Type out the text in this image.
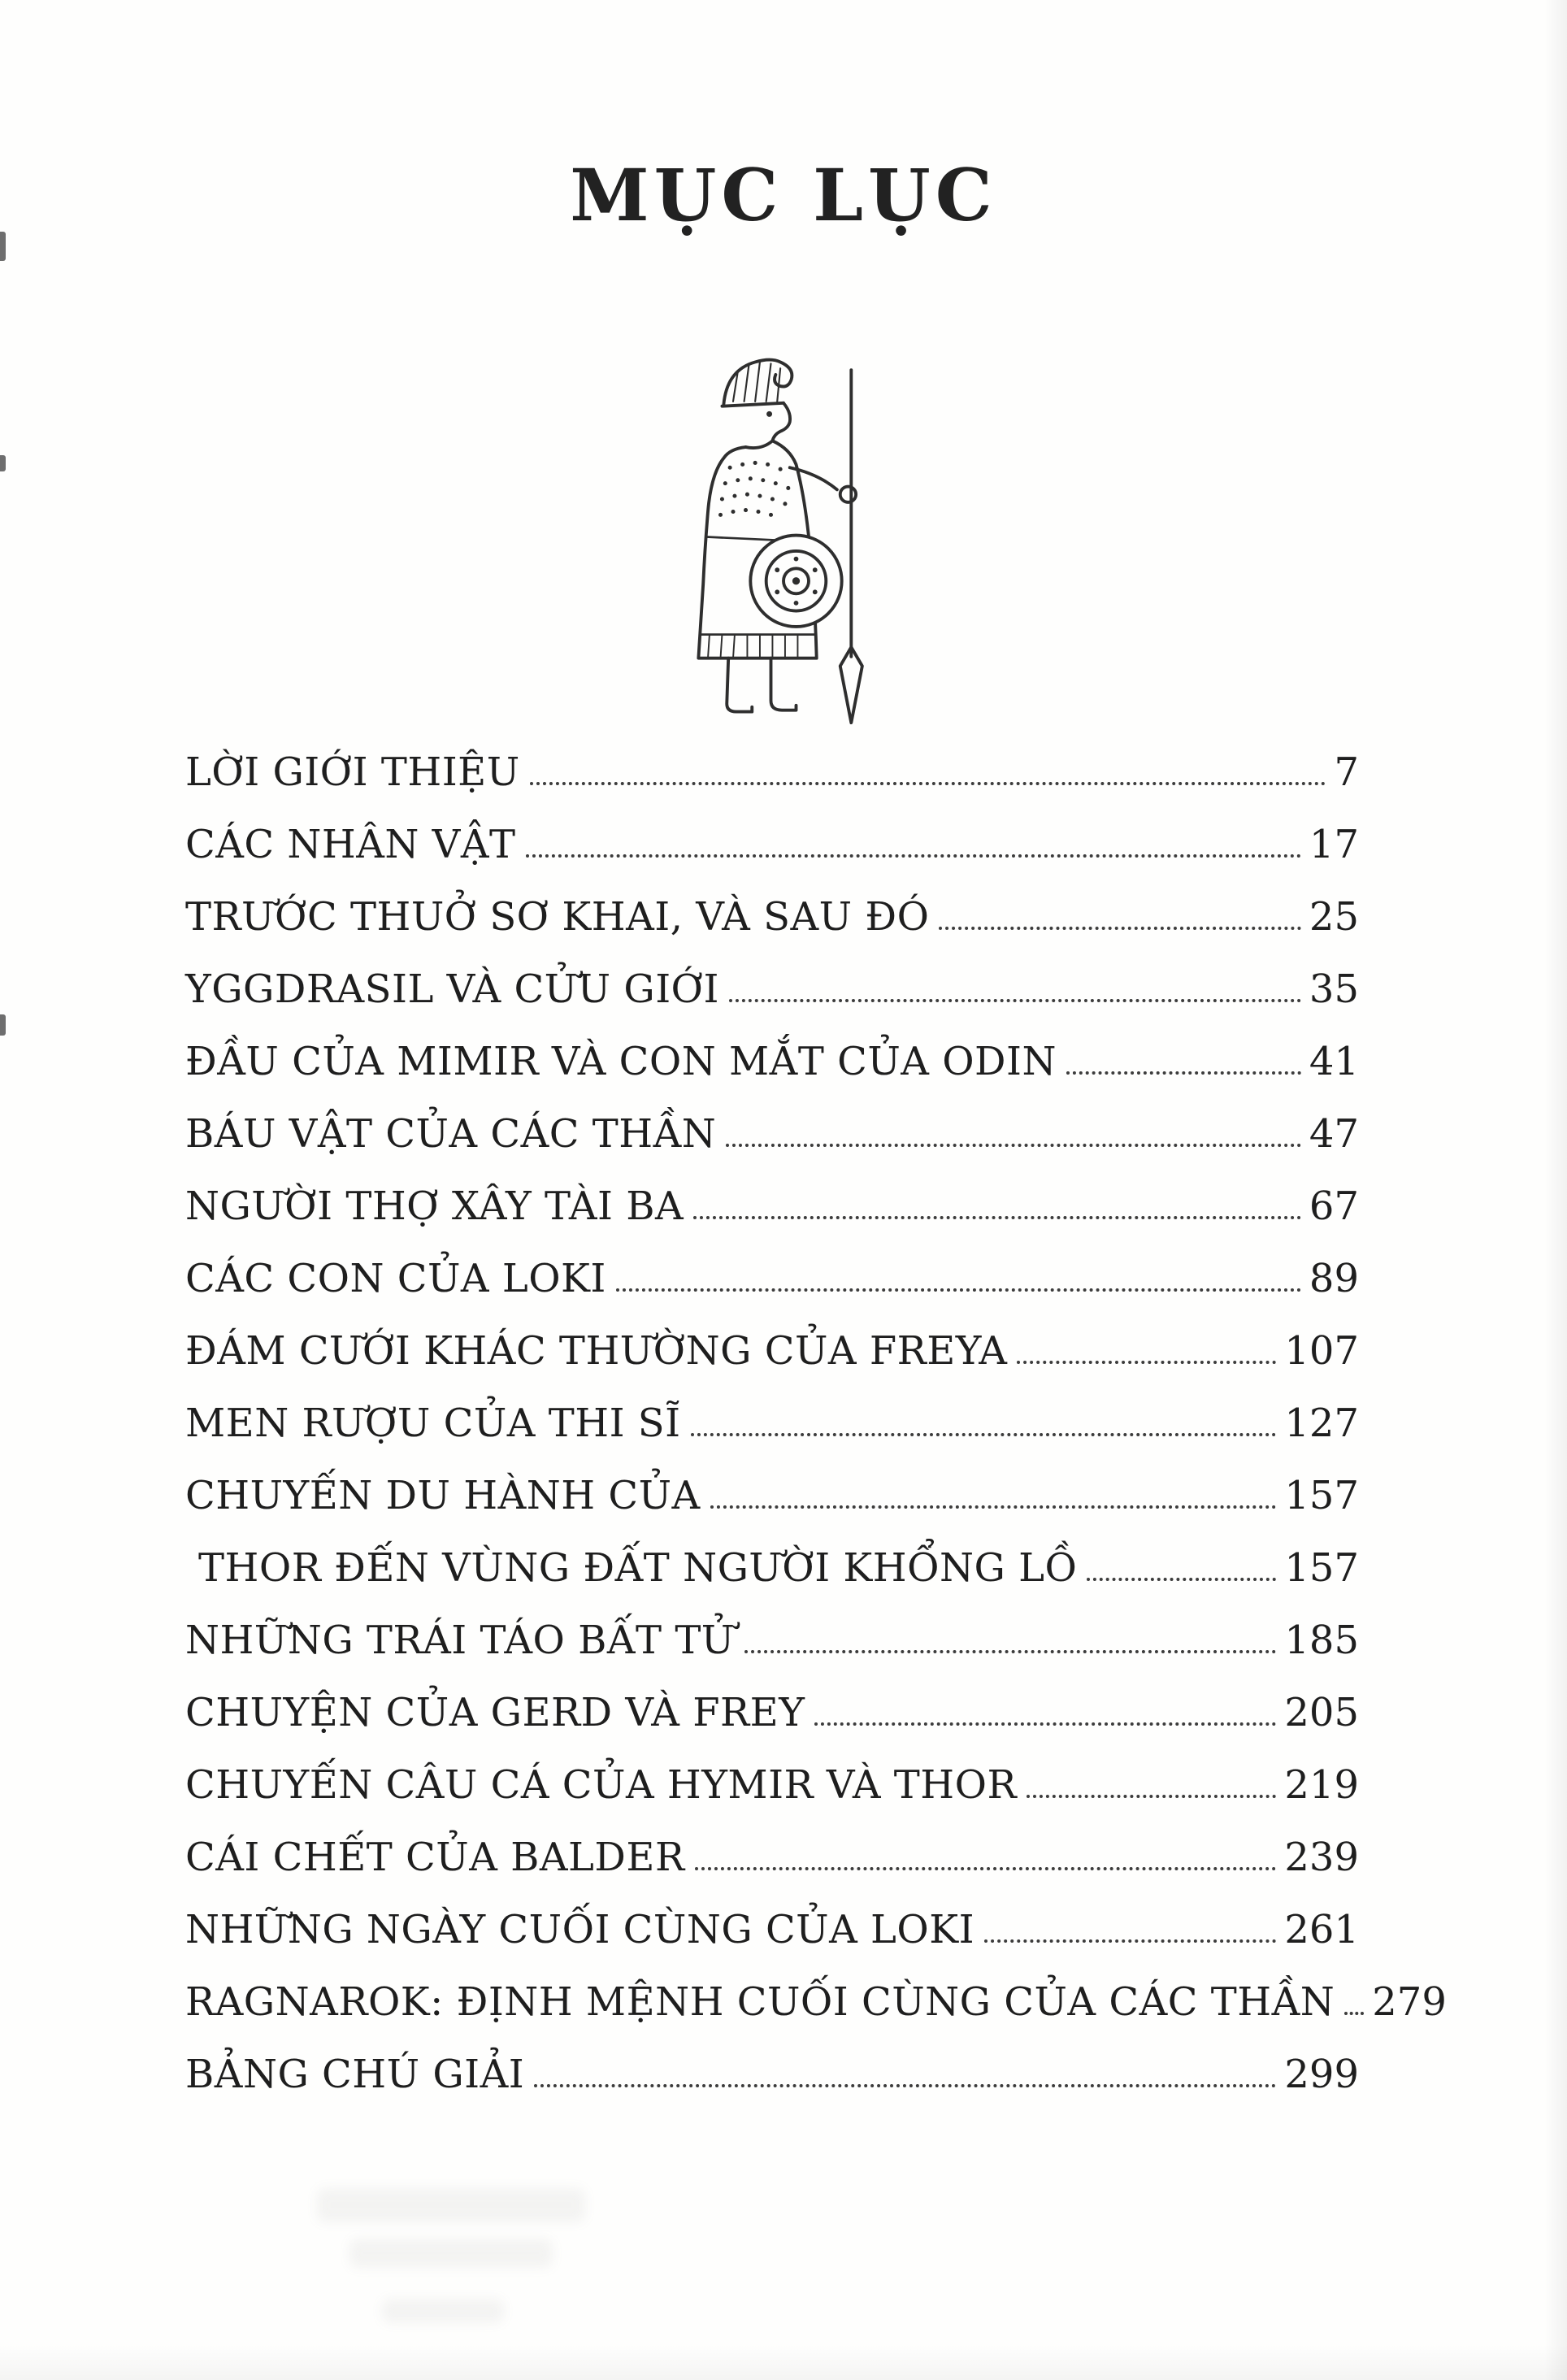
MỤC LỤC
LỜI GIỚI THIỆU	7
CÁC NHÂN VẬT	17
TRƯỚC THUỞ SƠ KHAI, VÀ SAU ĐÓ	25
YGGDRASIL VÀ CỬU GIỚI	35
ĐẦU CỦA MIMIR VÀ CON MẮT CỦA ODIN	41
BÁU VẬT CỦA CÁC THẦN	47
NGƯỜI THỢ XÂY TÀI BA	67
CÁC CON CỦA LOKI	89
ĐÁM CƯỚI KHÁC THƯỜNG CỦA FREYA	107
MEN RƯỢU CỦA THI SĨ	127
CHUYẾN DU HÀNH CỦA	157
THOR ĐẾN VÙNG ĐẤT NGƯỜI KHỔNG LỒ	157
NHỮNG TRÁI TÁO BẤT TỬ	185
CHUYỆN CỦA GERD VÀ FREY	205
CHUYẾN CÂU CÁ CỦA HYMIR VÀ THOR	219
CÁI CHẾT CỦA BALDER	239
NHỮNG NGÀY CUỐI CÙNG CỦA LOKI	261
RAGNAROK: ĐỊNH MỆNH CUỐI CÙNG CỦA CÁC THẦN 279
BẢNG CHÚ GIẢI	299
